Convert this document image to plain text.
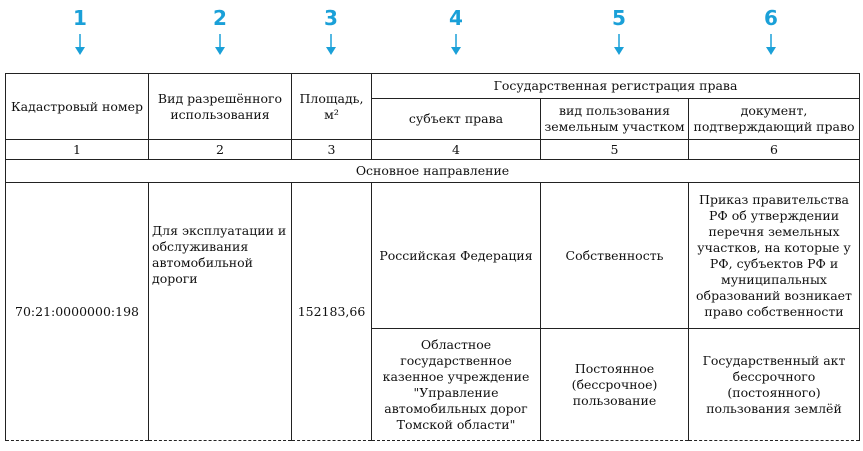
1	2	3	4	5	6
Кадастровый номер	Вид разрешённого использования	Площадь, м²	Государственная регистрация права		
			субъект права	вид пользования земельным участком	документ, подтверждающий право
1	2	3	4	5	6
Основное направление					
70:21:0000000:198	Для эксплуатации и обслуживания автомобильной дороги	152183,66	Российская Федерация	Собственность	Приказ правительства РФ об утверждении перечня земельных участков, на которые у РФ, субъектов РФ и муниципальных образований возникает право собственности
			Областное государственное казенное учреждение "Управление автомобильных дорог Томской области"	Постоянное (бессрочное) пользование	Государственный акт бессрочного (постоянного) пользования землёй
